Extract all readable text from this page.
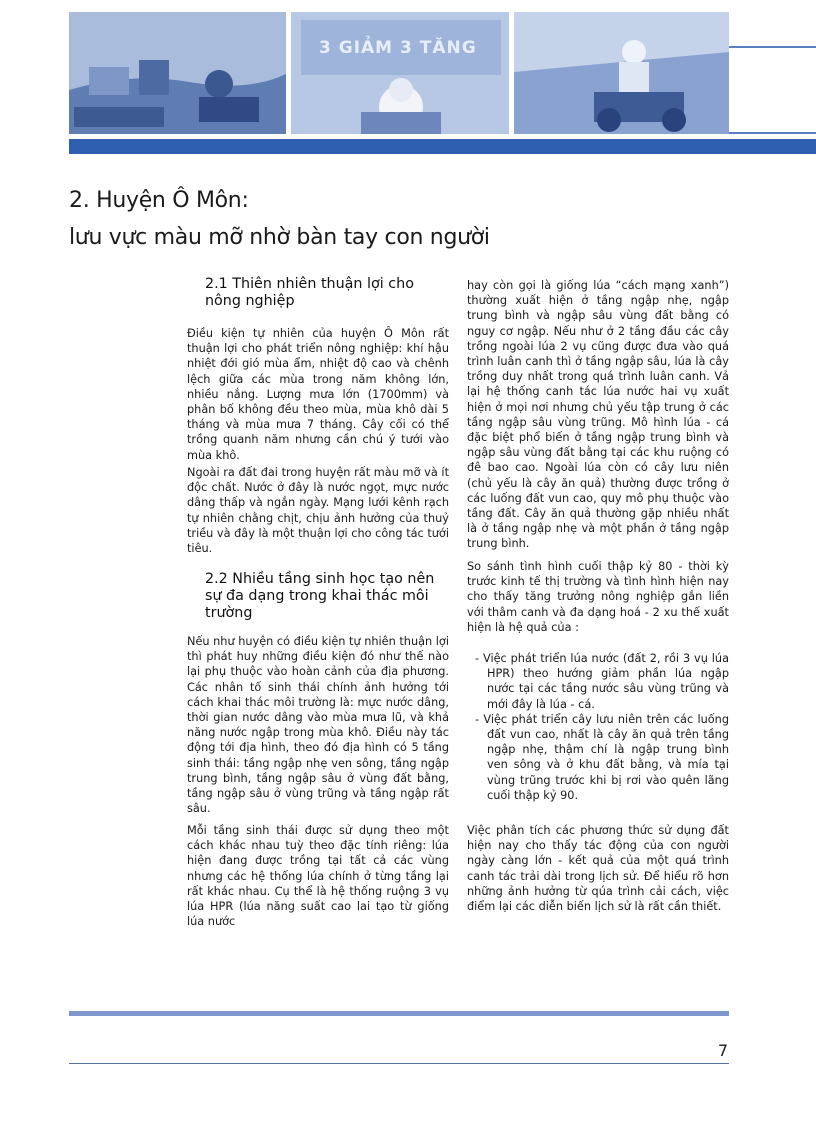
3 GIẢM 3 TĂNG
2. Huyện Ô Môn:
lưu vực màu mỡ nhờ bàn tay con người
2.1 Thiên nhiên thuận lợi cho nông nghiệp

Điều kiện tự nhiên của huyện Ô Môn rất thuận lợi cho phát triển nông nghiệp: khí hậu nhiệt đới gió mùa ẩm, nhiệt độ cao và chênh lệch giữa các mùa trong năm không lớn, nhiều nắng. Lượng mưa lớn (1700mm) và phân bố không đều theo mùa, mùa khô dài 5 tháng và mùa mưa 7 tháng. Cây cối có thể trồng quanh năm nhưng cần chú ý tưới vào mùa khô.

Ngoài ra đất đai trong huyện rất màu mỡ và ít độc chất. Nước ở đây là nước ngọt, mực nước dâng thấp và ngắn ngày. Mạng lưới kênh rạch tự nhiên chằng chịt, chịu ảnh hưởng của thuỷ triều và đây là một thuận lợi cho công tác tưới tiêu.

2.2 Nhiều tầng sinh học tạo nên sự đa dạng trong khai thác môi trường

Nếu như huyện có điều kiện tự nhiên thuận lợi thì phát huy những điều kiện đó như thế nào lại phụ thuộc vào hoàn cảnh của địa phương. Các nhân tố sinh thái chính ảnh hưởng tới cách khai thác môi trường là: mực nước dâng, thời gian nước dâng vào mùa mưa lũ, và khả năng nước ngập trong mùa khô. Điều này tác động tới địa hình, theo đó địa hình có 5 tầng sinh thái: tầng ngập nhẹ ven sông, tầng ngập trung bình, tầng ngập sâu ở vùng đất bằng, tầng ngập sâu ở vùng trũng và tầng ngập rất sâu.

Mỗi tầng sinh thái được sử dụng theo một cách khác nhau tuỳ theo đặc tính riêng: lúa hiện đang được trồng tại tất cả các vùng nhưng các hệ thống lúa chính ở từng tầng lại rất khác nhau. Cụ thể là hệ thống ruộng 3 vụ lúa HPR (lúa năng suất cao lai tạo từ giống lúa nước

hay còn gọi là giống lúa “cách mạng xanh”) thường xuất hiện ở tầng ngập nhẹ, ngập trung bình và ngập sâu vùng đất bằng có nguy cơ ngập. Nếu như ở 2 tầng đầu các cây trồng ngoài lúa 2 vụ cũng được đưa vào quá trình luân canh thì ở tầng ngập sâu, lúa là cây trồng duy nhất trong quá trình luân canh. Vả lại hệ thống canh tác lúa nước hai vụ xuất hiện ở mọi nơi nhưng chủ yếu tập trung ở các tầng ngập sâu vùng trũng. Mô hình lúa - cá đặc biệt phổ biến ở tầng ngập trung bình và ngập sâu vùng đất bằng tại các khu ruộng có đê bao cao. Ngoài lúa còn có cây lưu niên (chủ yếu là cây ăn quả) thường được trồng ở các luống đất vun cao, quy mô phụ thuộc vào tầng đất. Cây ăn quả thường gặp nhiều nhất là ở tầng ngập nhẹ và một phần ở tầng ngập trung bình.

So sánh tình hình cuối thập kỷ 80 - thời kỳ trước kinh tế thị trường và tình hình hiện nay cho thấy tăng trưởng nông nghiệp gắn liền với thâm canh và đa dạng hoá - 2 xu thế xuất hiện là hệ quả của :

- Việc phát triển lúa nước (đất 2, rồi 3 vụ lúa HPR) theo hướng giảm phần lúa ngập nước tại các tầng nước sâu vùng trũng và mới đây là lúa - cá.
- Việc phát triển cây lưu niên trên các luống đất vun cao, nhất là cây ăn quả trên tầng ngập nhẹ, thậm chí là ngập trung bình ven sông và ở khu đất bằng, và mía tại vùng trũng trước khi bị rơi vào quên lãng cuối thập kỷ 90.

Việc phân tích các phương thức sử dụng đất hiện nay cho thấy tác động của con người ngày càng lớn - kết quả của một quá trình canh tác trải dài trong lịch sử. Để hiểu rõ hơn những ảnh hưởng từ qúa trình cải cách, việc điểm lại các diễn biến lịch sử là rất cần thiết.

7
